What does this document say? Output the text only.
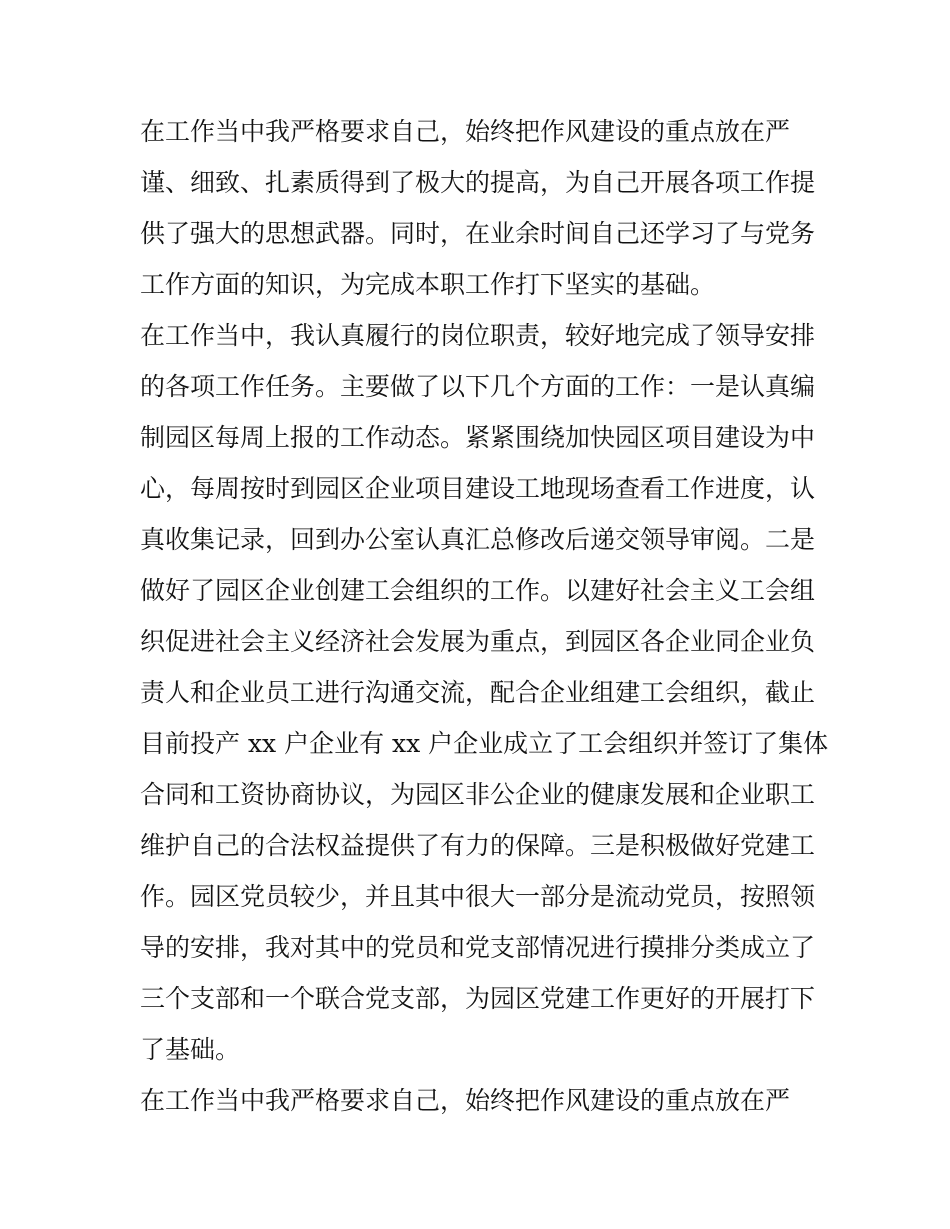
在工作当中我严格要求自己，始终把作风建设的重点放在严
谨、细致、扎素质得到了极大的提高，为自己开展各项工作提
供了强大的思想武器。同时，在业余时间自己还学习了与党务
工作方面的知识，为完成本职工作打下坚实的基础。
在工作当中，我认真履行的岗位职责，较好地完成了领导安排
的各项工作任务。主要做了以下几个方面的工作：一是认真编
制园区每周上报的工作动态。紧紧围绕加快园区项目建设为中
心，每周按时到园区企业项目建设工地现场查看工作进度，认
真收集记录，回到办公室认真汇总修改后递交领导审阅。二是
做好了园区企业创建工会组织的工作。以建好社会主义工会组
织促进社会主义经济社会发展为重点，到园区各企业同企业负
责人和企业员工进行沟通交流，配合企业组建工会组织，截止
目前投产 xx 户企业有 xx 户企业成立了工会组织并签订了集体
合同和工资协商协议，为园区非公企业的健康发展和企业职工
维护自己的合法权益提供了有力的保障。三是积极做好党建工
作。园区党员较少，并且其中很大一部分是流动党员，按照领
导的安排，我对其中的党员和党支部情况进行摸排分类成立了
三个支部和一个联合党支部，为园区党建工作更好的开展打下
了基础。
在工作当中我严格要求自己，始终把作风建设的重点放在严
